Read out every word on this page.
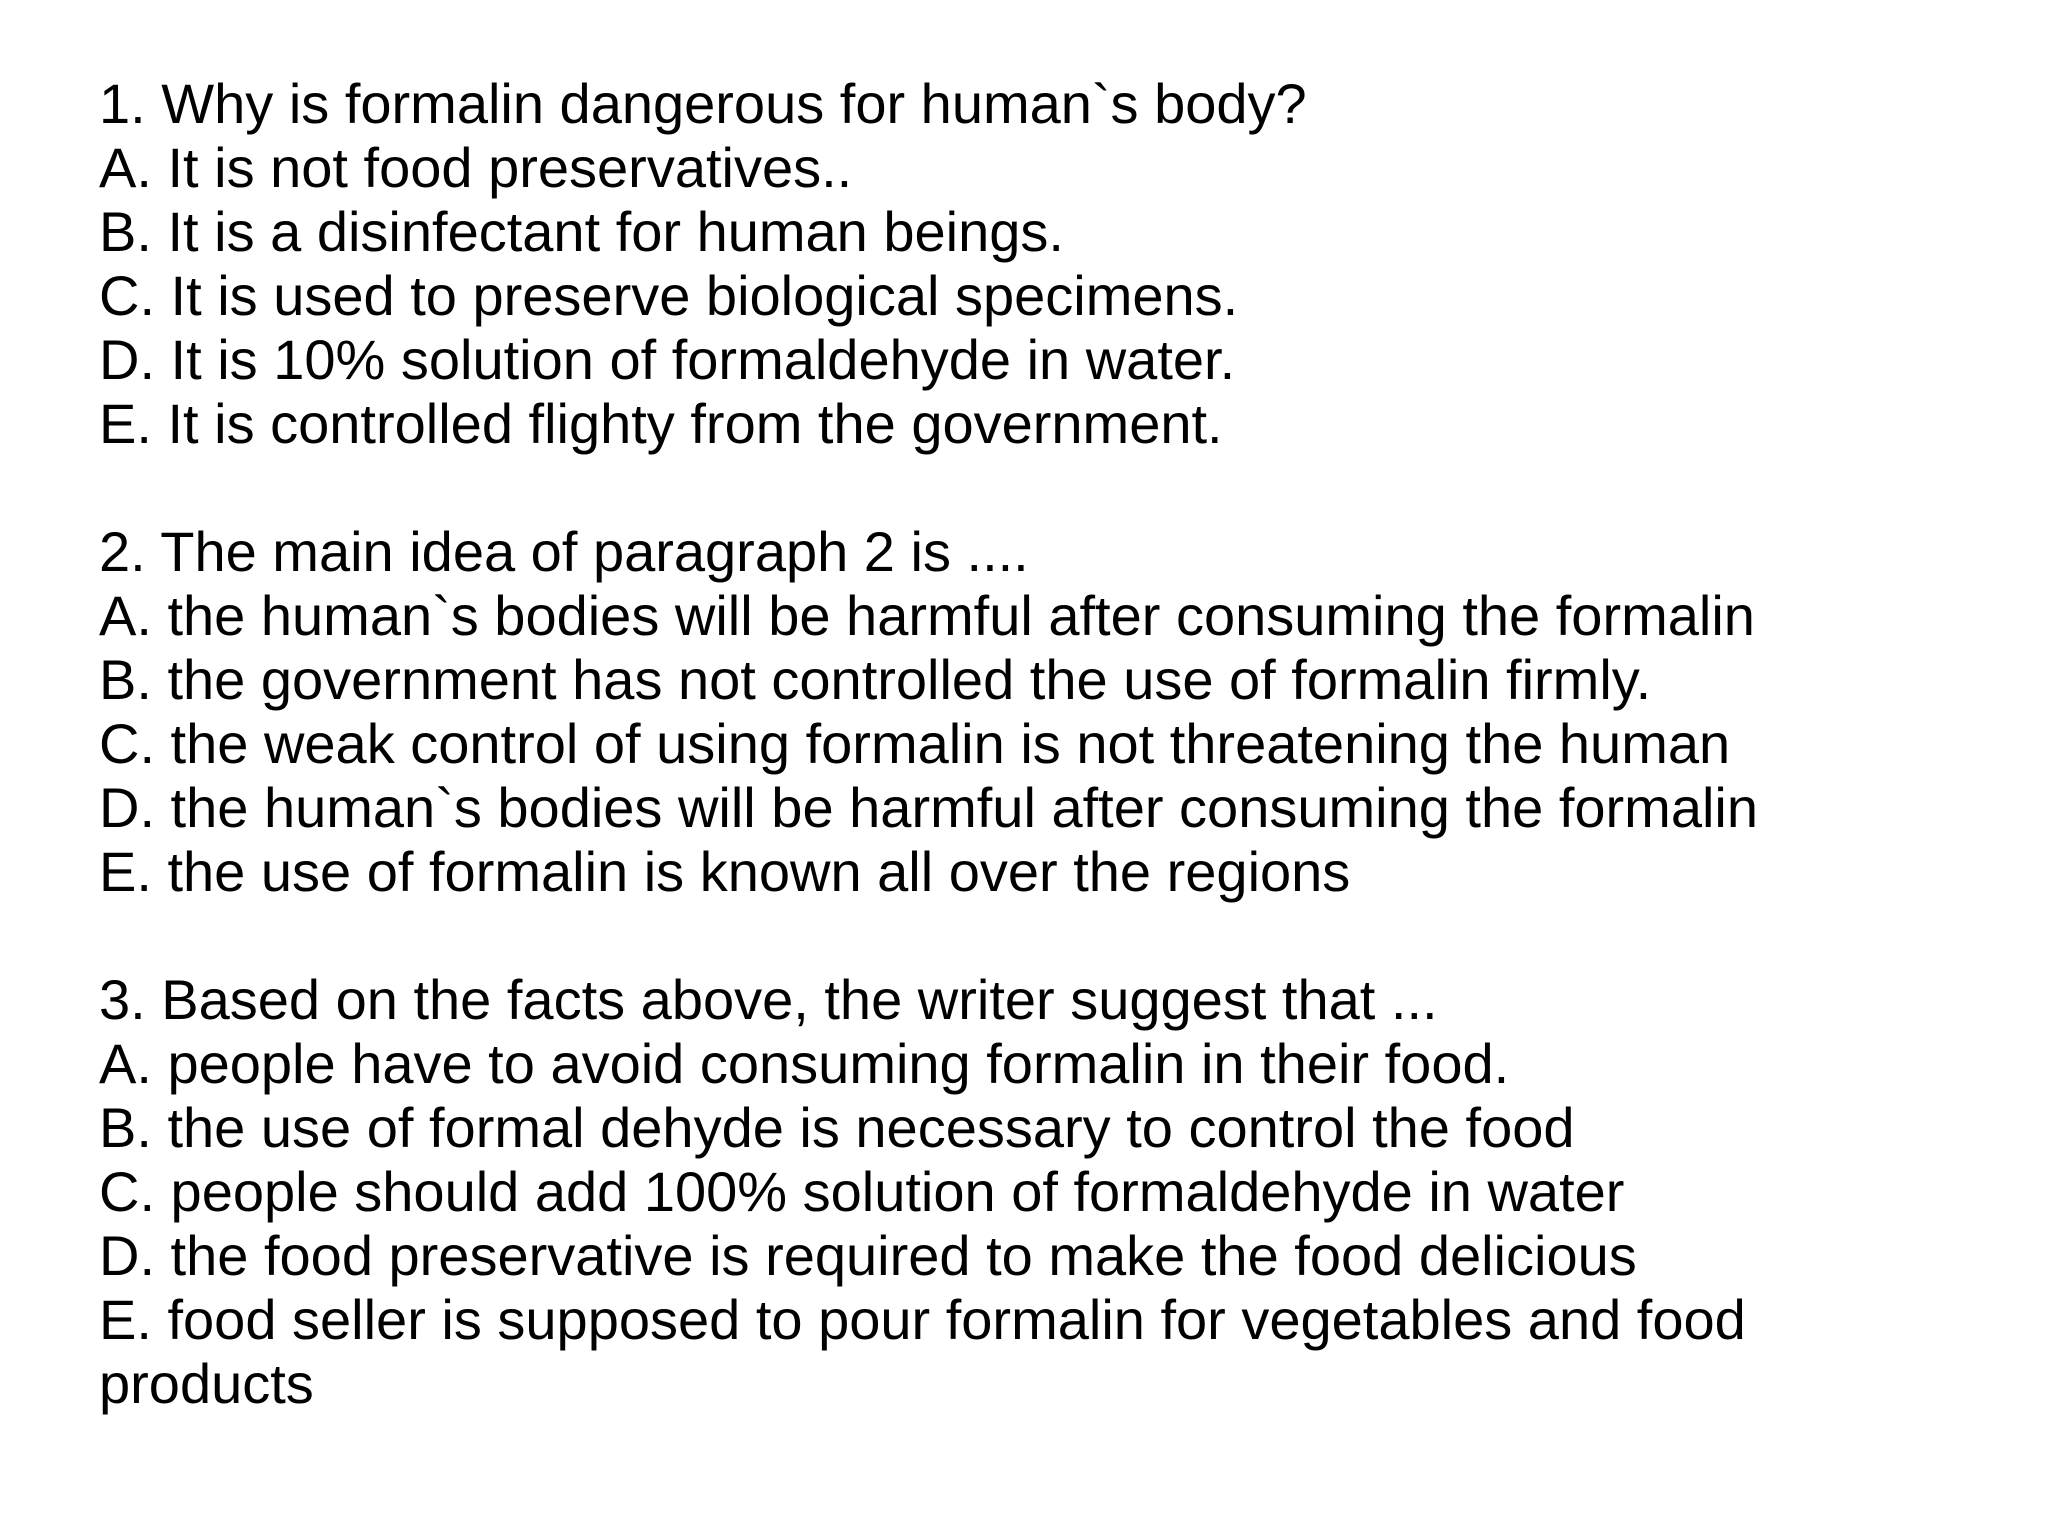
1. Why is formalin dangerous for human`s body?
A. It is not food preservatives..
B. It is a disinfectant for human beings.
C. It is used to preserve biological specimens.
D. It is 10% solution of formaldehyde in water.
E. It is controlled flighty from the government.
2. The main idea of paragraph 2 is ....
A. the human`s bodies will be harmful after consuming the formalin
B. the government has not controlled the use of formalin firmly.
C. the weak control of using formalin is not threatening the human
D. the human`s bodies will be harmful after consuming the formalin
E. the use of formalin is known all over the regions
3. Based on the facts above, the writer suggest that ...
A. people have to avoid consuming formalin in their food.
B. the use of formal dehyde is necessary to control the food
C. people should add 100% solution of formaldehyde in water
D. the food preservative is required to make the food delicious
E. food seller is supposed to pour formalin for vegetables and food products
